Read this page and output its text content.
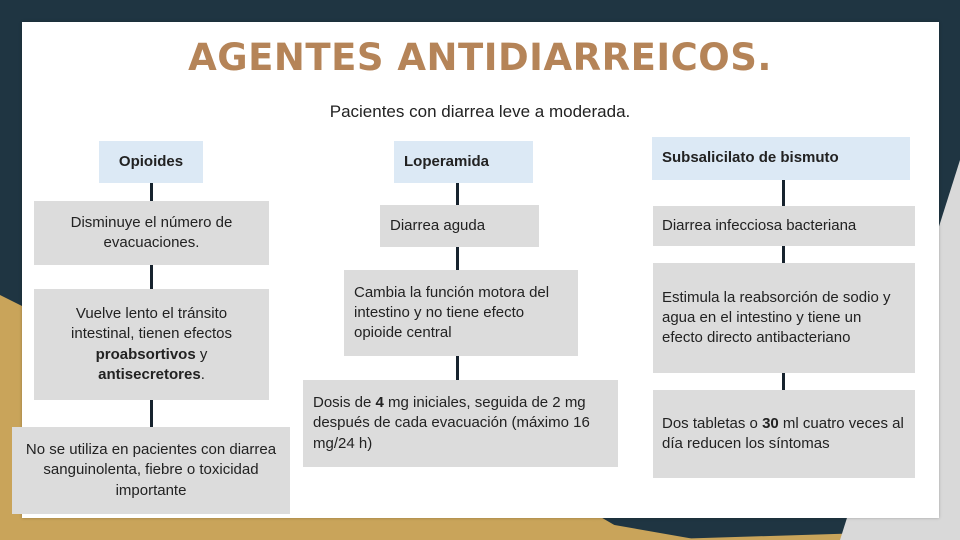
AGENTES ANTIDIARREICOS.
Pacientes con diarrea leve a moderada.
Opioides
Disminuye el número de evacuaciones.
Vuelve lento el tránsito intestinal, tienen efectos proabsortivos y antisecretores.
No se utiliza en pacientes con diarrea sanguinolenta, fiebre o toxicidad importante
Loperamida
Diarrea aguda
Cambia la función motora del intestino y no tiene efecto opioide central
Dosis de 4 mg iniciales, seguida de 2 mg después de cada evacuación (máximo 16 mg/24 h)
Subsalicilato de bismuto
Diarrea infecciosa bacteriana
Estimula la reabsorción de sodio y agua en el intestino y tiene un efecto directo antibacteriano
Dos tabletas o 30 ml cuatro veces al día reducen los síntomas
